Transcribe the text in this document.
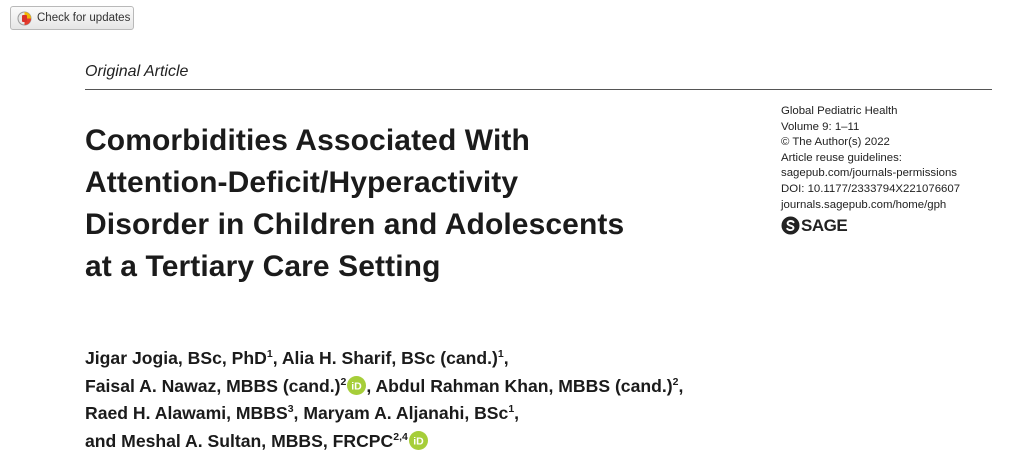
Check for updates
Original Article
Comorbidities Associated With
Attention-Deficit/Hyperactivity
Disorder in Children and Adolescents
at a Tertiary Care Setting
Global Pediatric Health
Volume 9: 1–11
© The Author(s) 2022
Article reuse guidelines:
sagepub.com/journals-permissions
DOI: 10.1177/2333794X221076607
journals.sagepub.com/home/gph
SAGE
Jigar Jogia, BSc, PhD$^1$, Alia H. Sharif, BSc (cand.)$^1$,
Faisal A. Nawaz, MBBS (cand.)$^2$ iD , Abdul Rahman Khan, MBBS (cand.)$^2$,
Raed H. Alawami, MBBS$^3$, Maryam A. Aljanahi, BSc$^1$,
and Meshal A. Sultan, MBBS, FRCPC$^{2,4}$ iD
